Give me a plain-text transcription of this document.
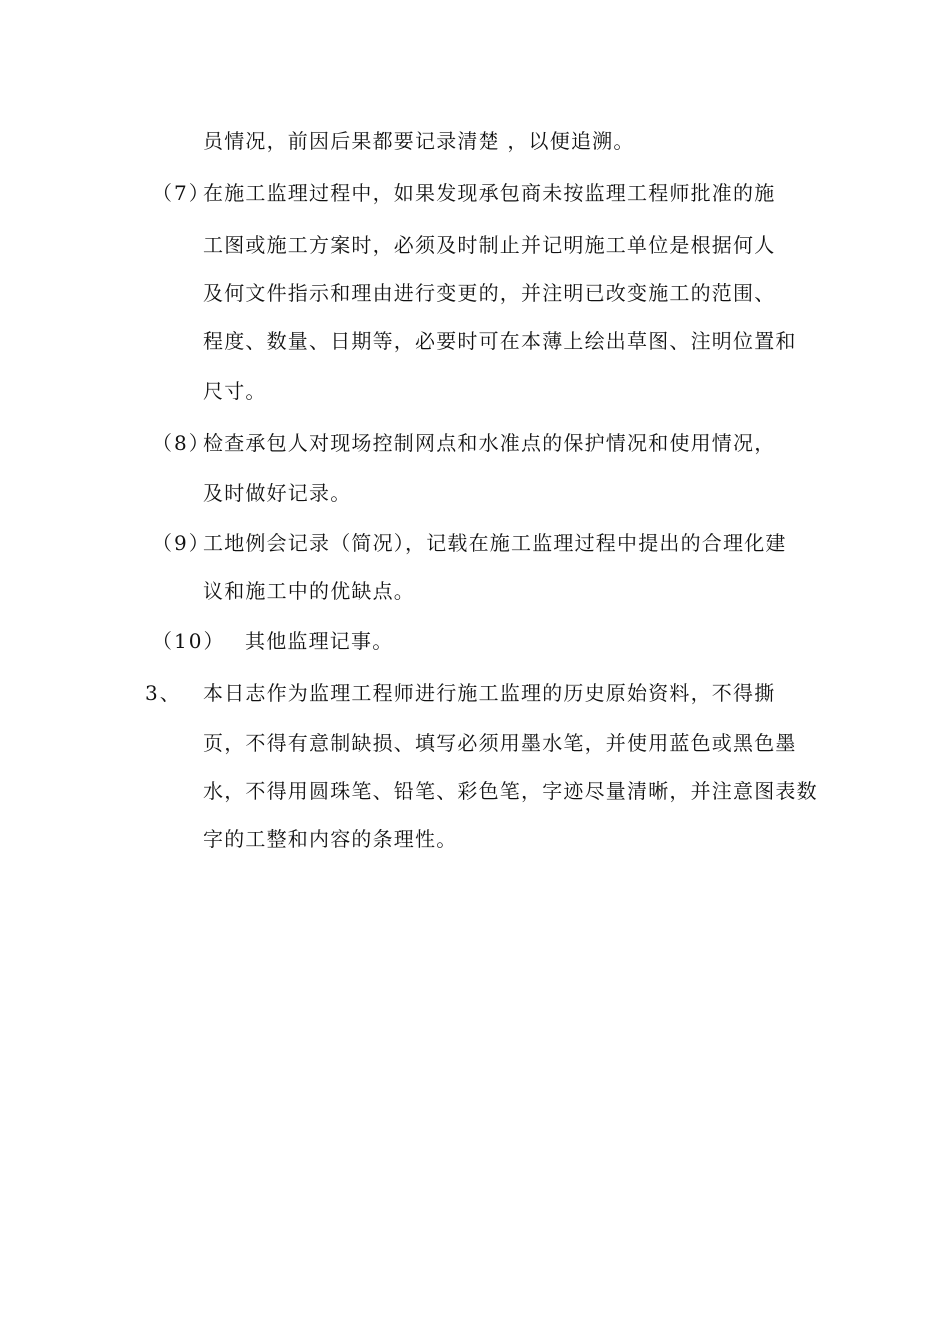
员情况，前因后果都要记录清楚 ，以便追溯。
（7）
在施工监理过程中，如果发现承包商未按监理工程师批准的施
工图或施工方案时，必须及时制止并记明施工单位是根据何人
及何文件指示和理由进行变更的，并注明已改变施工的范围、
程度、数量、日期等，必要时可在本薄上绘出草图、注明位置和
尺寸。
（8）
检查承包人对现场控制网点和水准点的保护情况和使用情况，
及时做好记录。
（9）
工地例会记录（简况），记载在施工监理过程中提出的合理化建
议和施工中的优缺点。
（10） 其他监理记事。
3、 本日志作为监理工程师进行施工监理的历史原始资料，不得撕
页，不得有意制缺损、填写必须用墨水笔，并使用蓝色或黑色墨
水，不得用圆珠笔、铅笔、彩色笔，字迹尽量清晰，并注意图表数
字的工整和内容的条理性。
